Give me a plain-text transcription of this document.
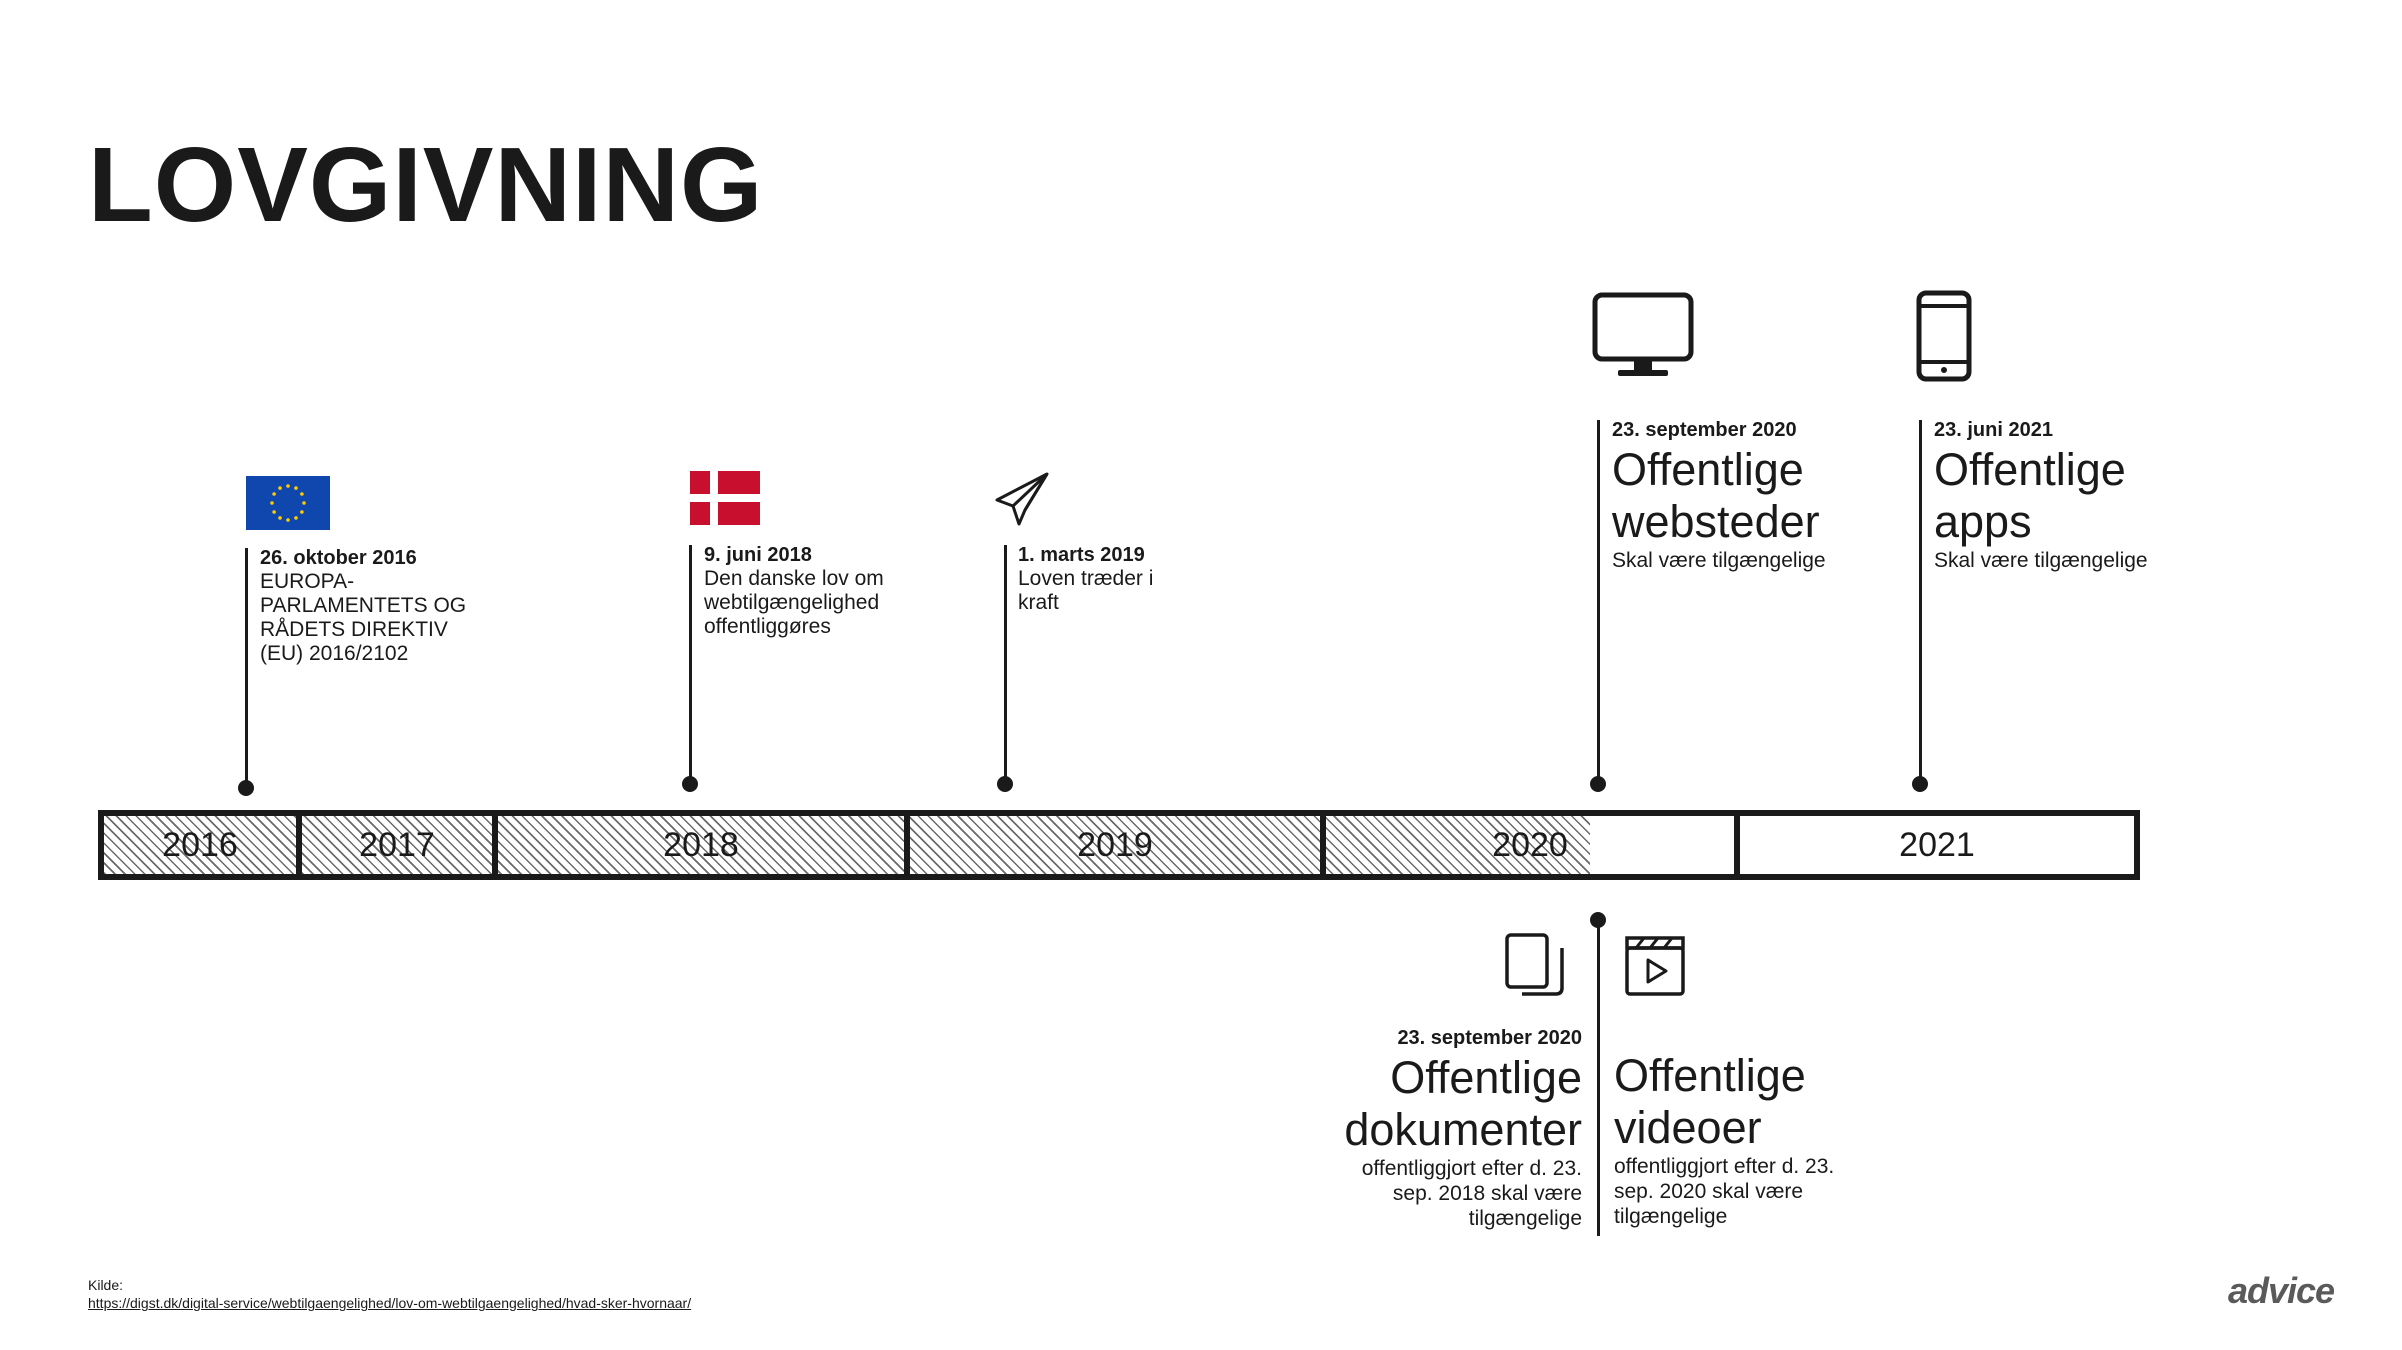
LOVGIVNING
26. oktober 2016
EUROPA-
PARLAMENTETS OG
RÅDETS DIREKTIV
(EU) 2016/2102
9. juni 2018
Den danske lov om
webtilgængelighed
offentliggøres
1. marts 2019
Loven træder i
kraft
23. september 2020
Offentlige
websteder
Skal være tilgængelige
23. juni 2021
Offentlige
apps
Skal være tilgængelige
2016	2017	2018	2019	2020	2021
23. september 2020
Offentlige
dokumenter
offentliggjort efter d. 23.
sep. 2018 skal være
tilgængelige
Offentlige
videoer
offentliggjort efter d. 23.
sep. 2020 skal være
tilgængelige
Kilde:
https://digst.dk/digital-service/webtilgaengelighed/lov-om-webtilgaengelighed/hvad-sker-hvornaar/	advice
